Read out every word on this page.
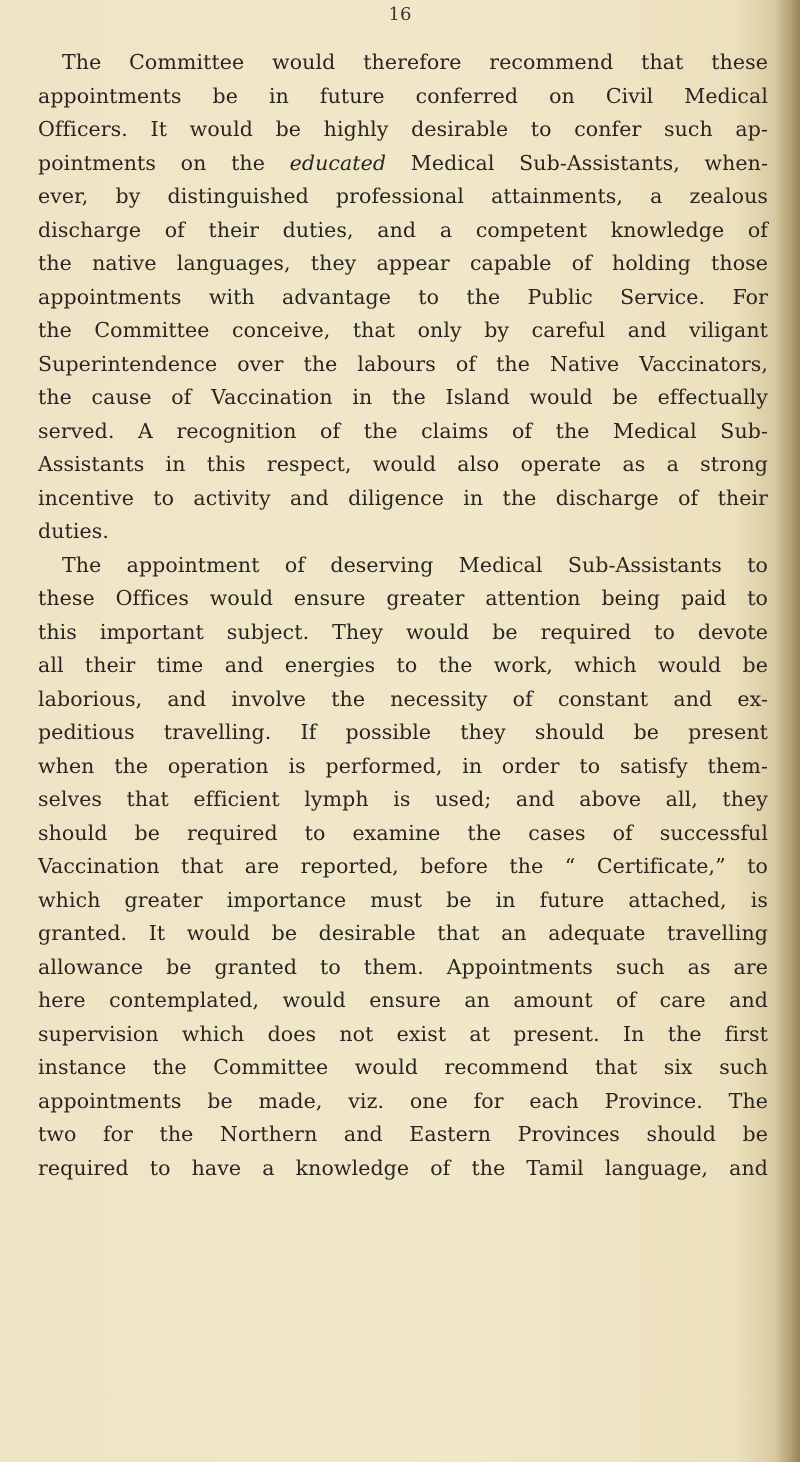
16
The Committee would therefore recommend that these
appointments be in future conferred on Civil Medical
Officers. It would be highly desirable to confer such ap-
pointments on the educated Medical Sub-Assistants, when-
ever, by distinguished professional attainments, a zealous
discharge of their duties, and a competent knowledge of
the native languages, they appear capable of holding those
appointments with advantage to the Public Service. For
the Committee conceive, that only by careful and viligant
Superintendence over the labours of the Native Vaccinators,
the cause of Vaccination in the Island would be effectually
served. A recognition of the claims of the Medical Sub-
Assistants in this respect, would also operate as a strong
incentive to activity and diligence in the discharge of their
duties.
The appointment of deserving Medical Sub-Assistants to
these Offices would ensure greater attention being paid to
this important subject. They would be required to devote
all their time and energies to the work, which would be
laborious, and involve the necessity of constant and ex-
peditious travelling. If possible they should be present
when the operation is performed, in order to satisfy them-
selves that efficient lymph is used; and above all, they
should be required to examine the cases of successful
Vaccination that are reported, before the “ Certificate,” to
which greater importance must be in future attached, is
granted. It would be desirable that an adequate travelling
allowance be granted to them. Appointments such as are
here contemplated, would ensure an amount of care and
supervision which does not exist at present. In the first
instance the Committee would recommend that six such
appointments be made, viz. one for each Province. The
two for the Northern and Eastern Provinces should be
required to have a knowledge of the Tamil language, and
